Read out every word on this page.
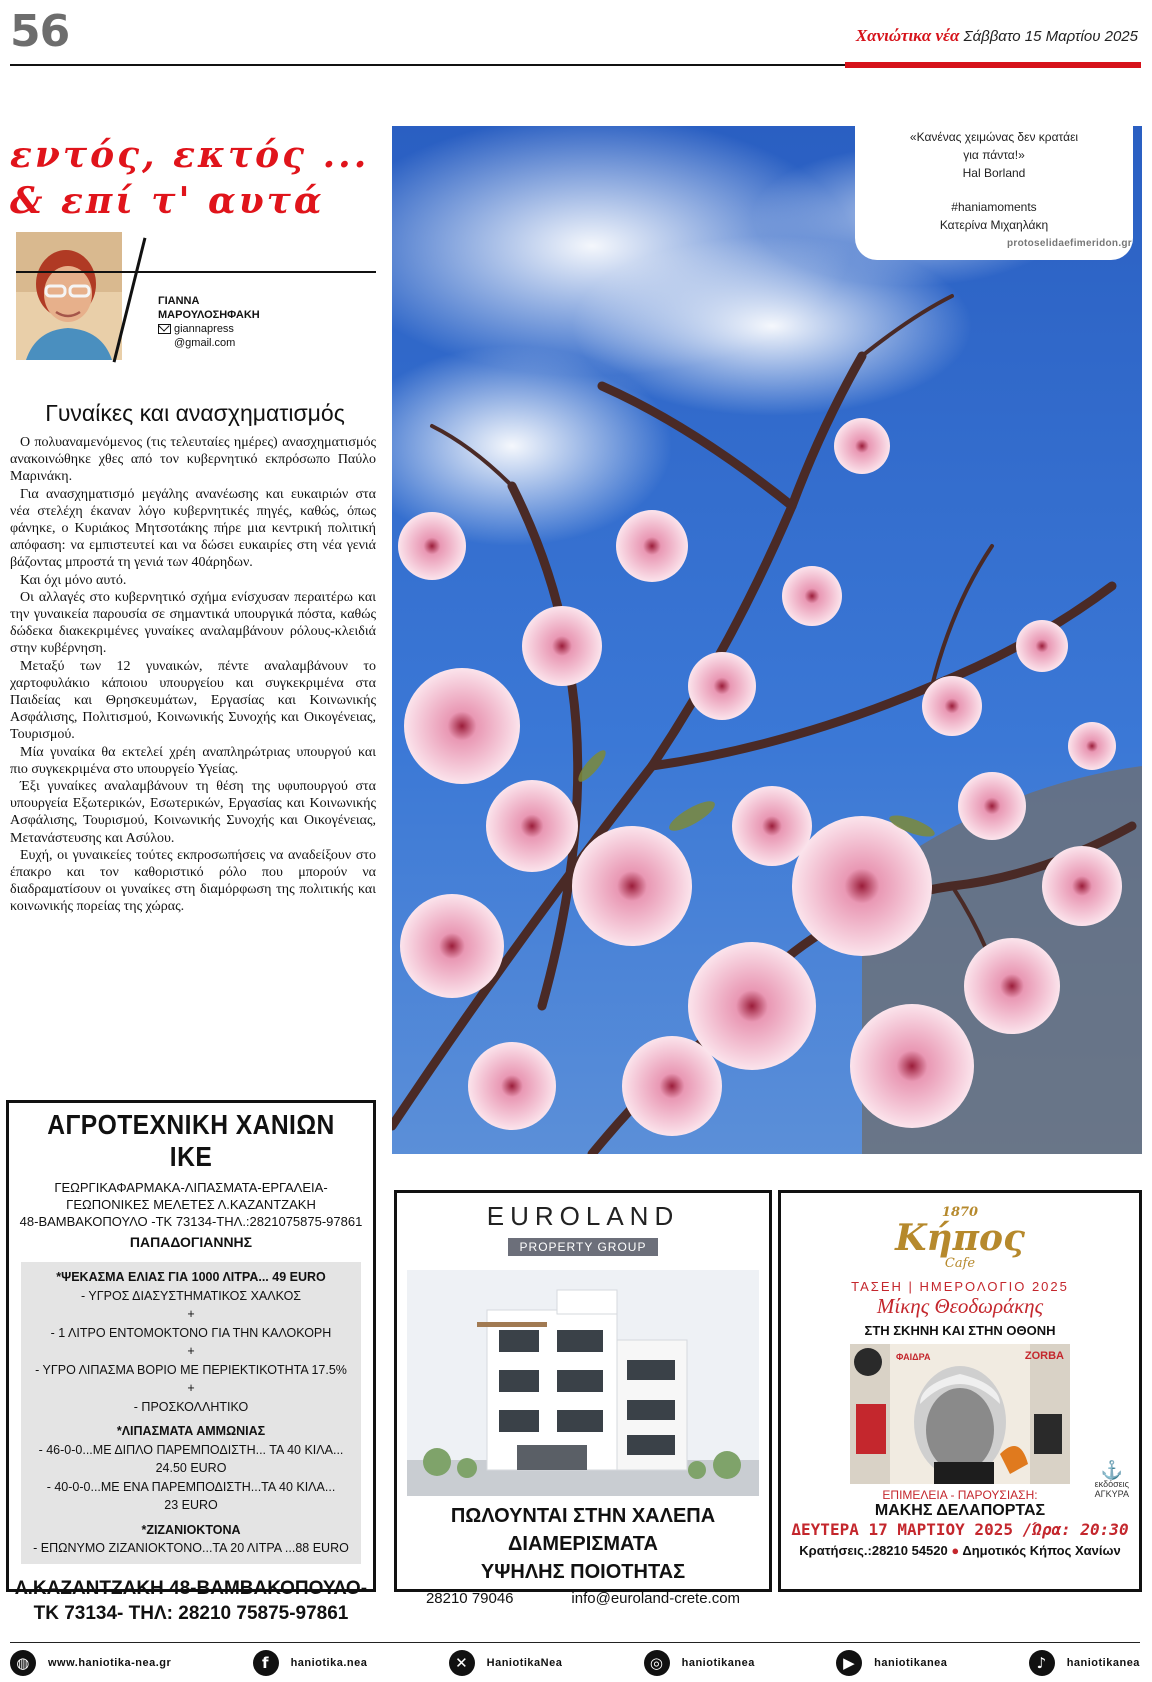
56	Χανιώτικα νέα Σάββατο 15 Μαρτίου 2025
εντός, εκτός ...
& επί τ' αυτά
ΓΙΑΝΝΑ
ΜΑΡΟΥΛΟΣΗΦΑΚΗ
giannapress
@gmail.com
Γυναίκες και ανασχηματισμός

Ο πολυαναμενόμενος (τις τελευταίες ημέρες) ανασχηματισμός ανακοινώθηκε χθες από τον κυβερνητικό εκπρόσωπο Παύλο Μαρινάκη.

Για ανασχηματισμό μεγάλης ανανέωσης και ευκαιριών στα νέα στελέχη έκαναν λόγο κυβερνητικές πηγές, καθώς, όπως φάνηκε, ο Κυριάκος Μητσοτάκης πήρε μια κεντρική πολιτική απόφαση: να εμπιστευτεί και να δώσει ευκαιρίες στη νέα γενιά βάζοντας μπροστά τη γενιά των 40άρηδων.

Και όχι μόνο αυτό.

Οι αλλαγές στο κυβερνητικό σχήμα ενίσχυσαν περαιτέρω και την γυναικεία παρουσία σε σημαντικά υπουργικά πόστα, καθώς δώδεκα διακεκριμένες γυναίκες αναλαμβάνουν ρόλους-κλειδιά στην κυβέρνηση.

Μεταξύ των 12 γυναικών, πέντε αναλαμβάνουν το χαρτοφυλάκιο κάποιου υπουργείου και συγκεκριμένα στα Παιδείας και Θρησκευμάτων, Εργασίας και Κοινωνικής Ασφάλισης, Πολιτισμού, Κοινωνικής Συνοχής και Οικογένειας, Τουρισμού.

Μία γυναίκα θα εκτελεί χρέη αναπληρώτριας υπουργού και πιο συγκεκριμένα στο υπουργείο Υγείας.

Έξι γυναίκες αναλαμβάνουν τη θέση της υφυπουργού στα υπουργεία Εξωτερικών, Εσωτερικών, Εργασίας και Κοινωνικής Ασφάλισης, Τουρισμού, Κοινωνικής Συνοχής και Οικογένειας, Μετανάστευσης και Ασύλου.

Ευχή, οι γυναικείες τούτες εκπροσωπήσεις να αναδείξουν στο έπακρο και τον καθοριστικό ρόλο που μπορούν να διαδραματίσουν οι γυναίκες στη διαμόρφωση της πολιτικής και κοινωνικής πορείας της χώρας.

«Κανένας χειμώνας δεν κρατάει
για πάντα!»
Hal Borland
#haniamoments
Κατερίνα Μιχαηλάκη
protoselidaefimeridon.gr
ΑΓΡΟΤΕΧΝΙΚΗ ΧΑΝΙΩΝ ΙΚΕ
ΓΕΩΡΓΙΚΑΦΑΡΜΑΚΑ-ΛΙΠΑΣΜΑΤΑ-ΕΡΓΑΛΕΙΑ-
ΓΕΩΠΟΝΙΚΕΣ ΜΕΛΕΤΕΣ Λ.ΚΑΖΑΝΤΖΑΚΗ
48-ΒΑΜΒΑΚΟΠΟΥΛΟ -ΤΚ 73134-ΤΗΛ.:2821075875-97861
ΠΑΠΑΔΟΓΙΑΝΝΗΣ
*ΨΕΚΑΣΜΑ ΕΛΙΑΣ ΓΙΑ 1000 ΛΙΤΡΑ... 49 EURO
- ΥΓΡΟΣ ΔΙΑΣΥΣΤΗΜΑΤΙΚΟΣ ΧΑΛΚΟΣ
+
- 1 ΛΙΤΡΟ ΕΝΤΟΜΟΚΤΟΝΟ ΓΙΑ ΤΗΝ ΚΑΛΟΚΟΡΗ
+
- ΥΓΡΟ ΛΙΠΑΣΜΑ ΒΟΡΙΟ ΜΕ ΠΕΡΙΕΚΤΙΚΟΤΗΤΑ 17.5%
+
- ΠΡΟΣΚΟΛΛΗΤΙΚΟ
*ΛΙΠΑΣΜΑΤΑ ΑΜΜΩΝΙΑΣ
- 46-0-0...ΜΕ ΔΙΠΛΟ ΠΑΡΕΜΠΟΔΙΣΤΗ... ΤΑ 40 ΚΙΛΑ...
24.50 EURO
- 40-0-0...ΜΕ ΕΝΑ ΠΑΡΕΜΠΟΔΙΣΤΗ...ΤΑ 40 ΚΙΛΑ...
23 EURO
*ΖΙΖΑΝΙΟΚΤΟΝΑ
- ΕΠΩΝΥΜΟ ΖΙΖΑΝΙΟΚΤΟΝΟ...ΤΑ 20 ΛΙΤΡΑ ...88 EURO
Λ.ΚΑΖΑΝΤΖΑΚΗ 48-ΒΑΜΒΑΚΟΠΟΥΛΟ-
ΤΚ 73134- ΤΗΛ: 28210 75875-97861
EUROLAND
PROPERTY GROUP
ΠΩΛΟΥΝΤΑΙ ΣΤΗΝ ΧΑΛΕΠΑ
ΔΙΑΜΕΡΙΣΜΑΤΑ
ΥΨΗΛΗΣ ΠΟΙΟΤΗΤΑΣ
28210 79046	info@euroland-crete.com
1870
Κήπος
Cafe
ΤΑΣΕΗ | ΗΜΕΡΟΛΟΓΙΟ 2025
Μίκης Θεοδωράκης
ΣΤΗ ΣΚΗΝΗ ΚΑΙ ΣΤΗΝ ΟΘΟΝΗ
ΦΑΙΔΡΑ	ZORBA
⚓
εκδόσεις
ΑΓΚΥΡΑ
ΕΠΙΜΕΛΕΙΑ - ΠΑΡΟΥΣΙΑΣΗ:
ΜΑΚΗΣ ΔΕΛΑΠΟΡΤΑΣ
ΔΕΥΤΕΡΑ 17 ΜΑΡΤΙΟΥ 2025 /Ώρα: 20:30
Κρατήσεις.:28210 54520 ● Δημοτικός Κήπος Χανίων
◍	www.haniotika-nea.gr	f	haniotika.nea	✕	HaniotikaNea	◎	haniotikanea	▶	haniotikanea	♪	haniotikanea
